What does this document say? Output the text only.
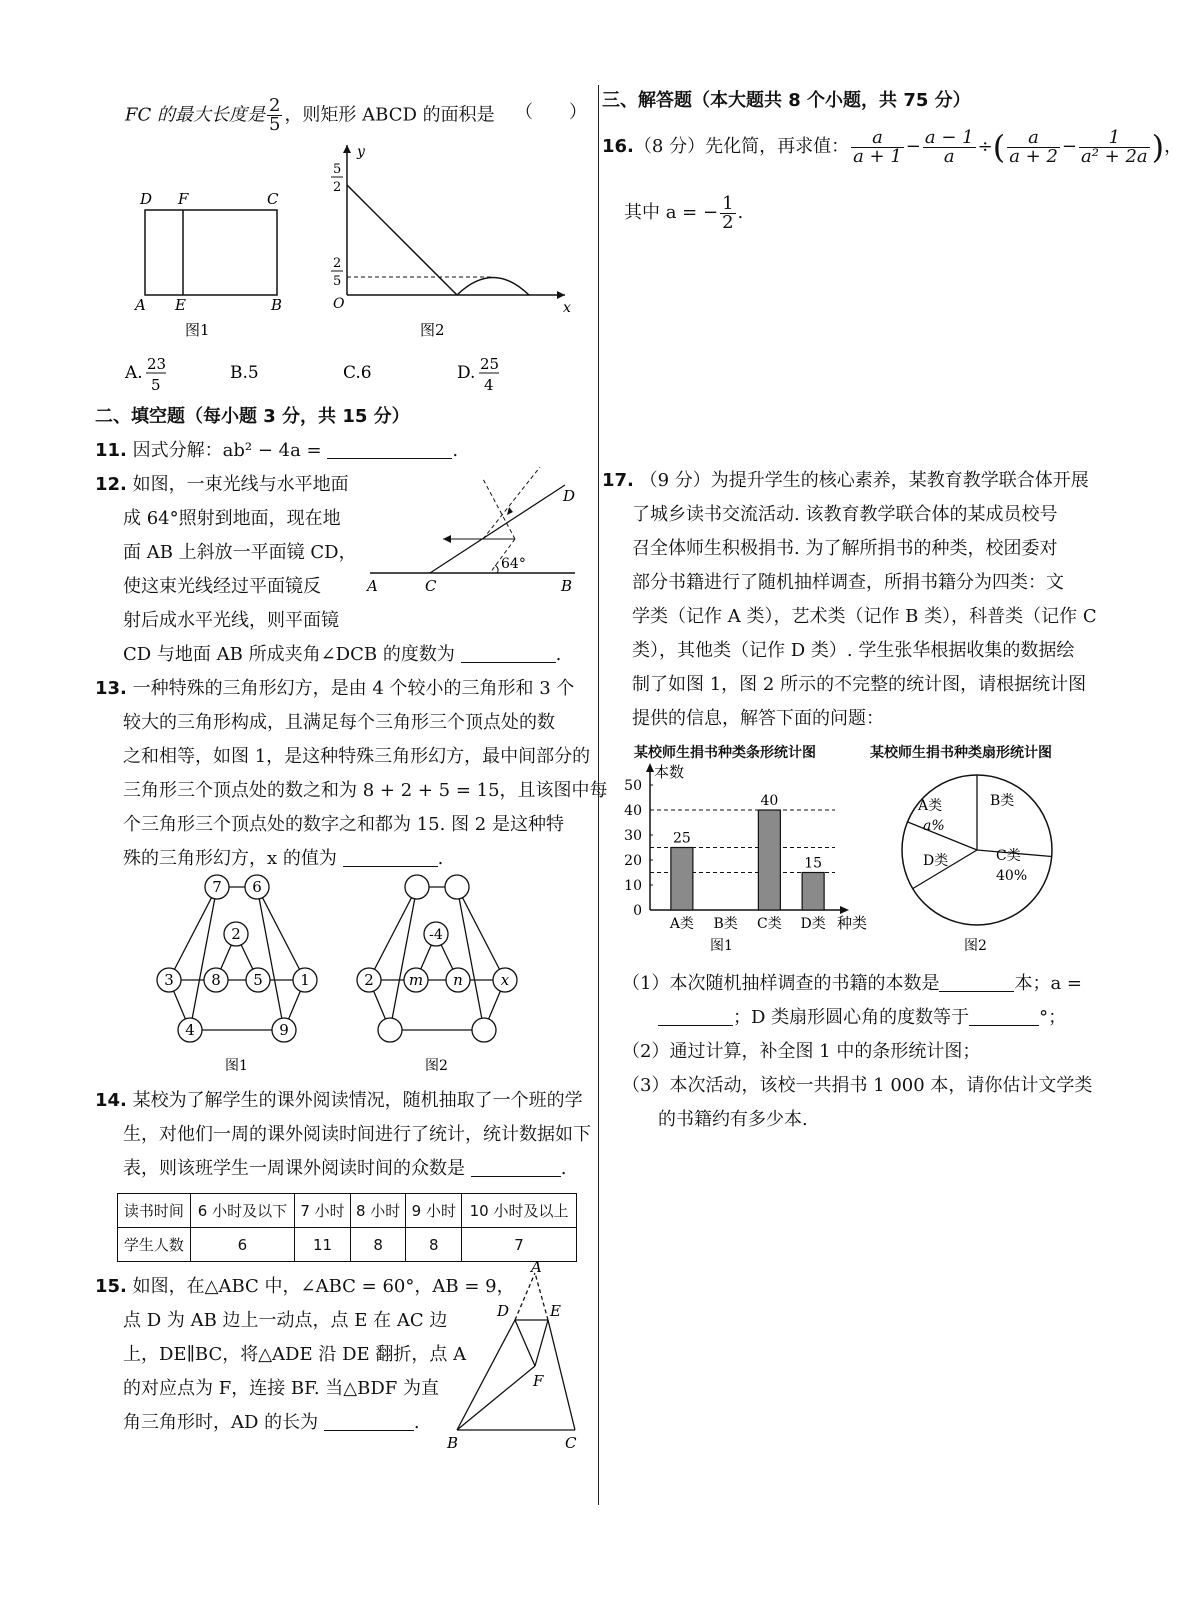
FC 的最大长度是 $\frac{2}{5}$ ，则矩形 ABCD 的面积是 （　　）
D F	C
A E	B
图1
y
x
O
5
2
2
5
图2
A. 23
5
B.5	C.6	D. 25
4
二、填空题（每小题 3 分，共 15 分）
11. 因式分解：ab² − 4a =	.
12. 如图，一束光线与水平地面
成 64°照射到地面，现在地
面 AB 上斜放一平面镜 CD，
使这束光线经过平面镜反
射后成水平光线，则平面镜
CD 与地面 AB 所成夹角∠DCB 的度数为	.
64°
A	C	B
D
13. 一种特殊的三角形幻方，是由 4 个较小的三角形和 3 个
较大的三角形构成，且满足每个三角形三个顶点处的数
之和相等，如图 1，是这种特殊三角形幻方，最中间部分的
三角形三个顶点处的数之和为 8 + 2 + 5 = 15，且该图中每
个三角形三个顶点处的数字之和都为 15. 图 2 是这种特
殊的三角形幻方，x 的值为	.
7 6
2
3 8 5 1
4	9
图1
-4
2 m n	x
图2
14. 某校为了解学生的课外阅读情况，随机抽取了一个班的学
生，对他们一周的课外阅读时间进行了统计，统计数据如下
表，则该班学生一周课外阅读时间的众数是	.
读书时间	6 小时及以下	7 小时	8 小时	9 小时	10 小时及以上
学生人数	6	11	8	8	7
15. 如图，在△ABC 中，∠ABC = 60°，AB = 9，
点 D 为 AB 边上一动点，点 E 在 AC 边
上，DE∥BC，将△ADE 沿 DE 翻折，点 A
的对应点为 F，连接 BF. 当△BDF 为直
角三角形时，AD 的长为	.
A
D	E
F
B	C
三、解答题（本大题共 8 个小题，共 75 分）
16.（8 分）先化简，再求值： $\frac{a}{a + 1} - \frac{a - 1}{a}$ ÷( $\frac{a}{a + 2} - \frac{1}{\text{a² + 2a}}$ )，
其中 a = − $\frac{1}{2}$ .
17. （9 分）为提升学生的核心素养，某教育教学联合体开展
了城乡读书交流活动. 该教育教学联合体的某成员校号
召全体师生积极捐书. 为了解所捐书的种类，校团委对
部分书籍进行了随机抽样调查，所捐书籍分为四类：文
学类（记作 A 类），艺术类（记作 B 类），科普类（记作 C
类），其他类（记作 D 类）. 学生张华根据收集的数据绘
制了如图 1，图 2 所示的不完整的统计图，请根据统计图
提供的信息，解答下面的问题：
某校师生捐书种类条形统计图	某校师生捐书种类扇形统计图
本数
种类
0
10
20
30
40
50
25
A类 B类
40
C类
15
D类
图1
A类
a%
B类
C类
40%
D类
图2
（1）本次随机抽样调查的书籍的本数是	本；a =
；D 类扇形圆心角的度数等于	°；
（2）通过计算，补全图 1 中的条形统计图；
（3）本次活动，该校一共捐书 1 000 本，请你估计文学类
的书籍约有多少本.
